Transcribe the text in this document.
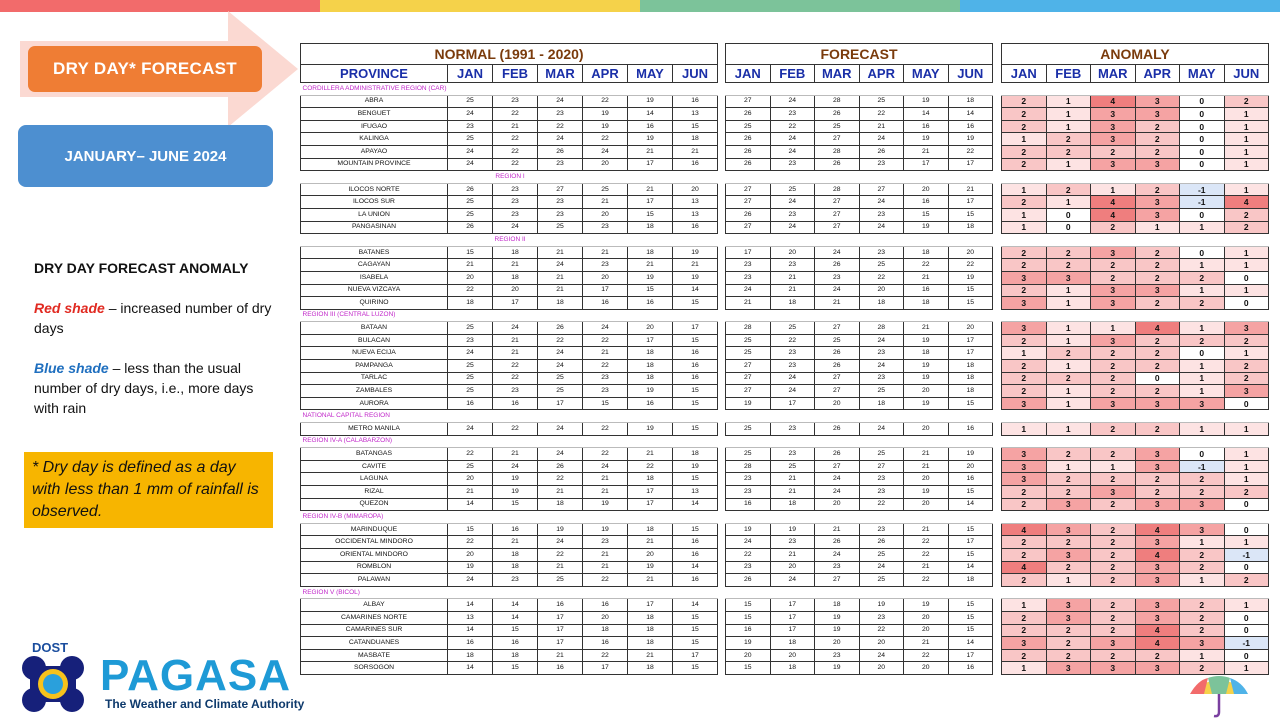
DRY DAY* FORECAST
JANUARY– JUNE 2024
DRY DAY FORECAST ANOMALY

Red shade – increased number of dry days

Blue shade – less than the usual number of dry days, i.e., more days with rain

* Dry day is defined as a day with less than 1 mm of rainfall is observed.
DOST
PAGASA
The Weather and Climate Authority
NORMAL (1991 - 2020)						
PROVINCE	JAN	FEB	MAR	APR	MAY	JUN
CORDILLERA ADMINISTRATIVE REGION (CAR)						
ABRA	25	23	24	22	19	16
BENGUET	24	22	23	19	14	13
IFUGAO	23	21	22	19	16	15
KALINGA	25	22	24	22	19	18
APAYAO	24	22	26	24	21	21
MOUNTAIN PROVINCE	24	22	23	20	17	16
REGION I						
ILOCOS NORTE	26	23	27	25	21	20
ILOCOS SUR	25	23	23	21	17	13
LA UNION	25	23	23	20	15	13
PANGASINAN	26	24	25	23	18	16
REGION II						
BATANES	15	18	21	21	18	19
CAGAYAN	21	21	24	23	21	21
ISABELA	20	18	21	20	19	19
NUEVA VIZCAYA	22	20	21	17	15	14
QUIRINO	18	17	18	16	16	15
REGION III (CENTRAL LUZON)						
BATAAN	25	24	26	24	20	17
BULACAN	23	21	22	22	17	15
NUEVA ECIJA	24	21	24	21	18	16
PAMPANGA	25	22	24	22	18	16
TARLAC	25	22	25	23	18	16
ZAMBALES	25	23	25	23	19	15
AURORA	16	16	17	15	16	15
NATIONAL CAPITAL REGION						
METRO MANILA	24	22	24	22	19	15
REGION IV-A (CALABARZON)						
BATANGAS	22	21	24	22	21	18
CAVITE	25	24	26	24	22	19
LAGUNA	20	19	22	21	18	15
RIZAL	21	19	21	21	17	13
QUEZON	14	15	18	19	17	14
REGION IV-B (MIMAROPA)						
MARINDUQUE	15	16	19	19	18	15
OCCIDENTAL MINDORO	22	21	24	23	21	16
ORIENTAL MINDORO	20	18	22	21	20	16
ROMBLON	19	18	21	21	19	14
PALAWAN	24	23	25	22	21	16
REGION V (BICOL)						
ALBAY	14	14	16	16	17	14
CAMARINES NORTE	13	14	17	20	18	15
CAMARINES SUR	14	15	17	18	18	15
CATANDUANES	16	16	17	16	18	15
MASBATE	18	18	21	22	21	17
SORSOGON	14	15	16	17	18	15
FORECAST					
JAN	FEB	MAR	APR	MAY	JUN

27	24	28	25	19	18
26	23	26	22	14	14
25	22	25	21	16	16
26	24	27	24	19	19
26	24	28	26	21	22
26	23	26	23	17	17

27	25	28	27	20	21
27	24	27	24	16	17
26	23	27	23	15	15
27	24	27	24	19	18

17	20	24	23	18	20
23	23	26	25	22	22
23	21	23	22	21	19
24	21	24	20	16	15
21	18	21	18	18	15

28	25	27	28	21	20
25	22	25	24	19	17
25	23	26	23	18	17
27	23	26	24	19	18
27	24	27	23	19	18
27	24	27	25	20	18
19	17	20	18	19	15

25	23	26	24	20	16

25	23	26	25	21	19
28	25	27	27	21	20
23	21	24	23	20	16
23	21	24	23	19	15
16	18	20	22	20	14

19	19	21	23	21	15
24	23	26	26	22	17
22	21	24	25	22	15
23	20	23	24	21	14
26	24	27	25	22	18

15	17	18	19	19	15
15	17	19	23	20	15
16	17	19	22	20	15
19	18	20	20	21	14
20	20	23	24	22	17
15	18	19	20	20	16
ANOMALY					
JAN	FEB	MAR	APR	MAY	JUN

2	1	4	3	0	2
2	1	3	3	0	1
2	1	3	2	0	1
1	2	3	2	0	1
2	2	2	2	0	1
2	1	3	3	0	1

1	2	1	2	-1	1
2	1	4	3	-1	4
1	0	4	3	0	2
1	0	2	1	1	2

2	2	3	2	0	1
2	2	2	2	1	1
3	3	2	2	2	0
2	1	3	3	1	1
3	1	3	2	2	0

3	1	1	4	1	3
2	1	3	2	2	2
1	2	2	2	0	1
2	1	2	2	1	2
2	2	2	0	1	2
2	1	2	2	1	3
3	1	3	3	3	0

1	1	2	2	1	1

3	2	2	3	0	1
3	1	1	3	-1	1
3	2	2	2	2	1
2	2	3	2	2	2
2	3	2	3	3	0

4	3	2	4	3	0
2	2	2	3	1	1
2	3	2	4	2	-1
4	2	2	3	2	0
2	1	2	3	1	2

1	3	2	3	2	1
2	3	2	3	2	0
2	2	2	4	2	0
3	2	3	4	3	-1
2	2	2	2	1	0
1	3	3	3	2	1
